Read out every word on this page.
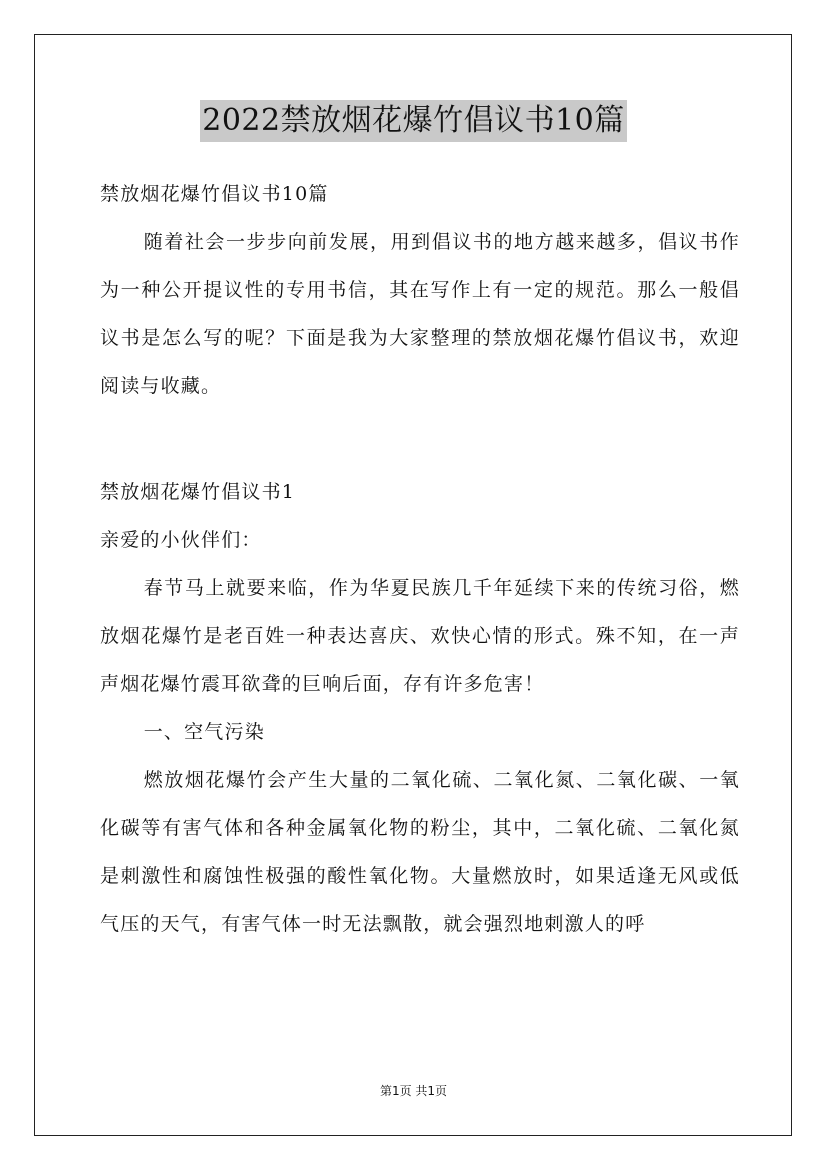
2022禁放烟花爆竹倡议书10篇

禁放烟花爆竹倡议书10篇

随着社会一步步向前发展，用到倡议书的地方越来越多，倡议书作为一种公开提议性的专用书信，其在写作上有一定的规范。那么一般倡议书是怎么写的呢？下面是我为大家整理的禁放烟花爆竹倡议书，欢迎阅读与收藏。

禁放烟花爆竹倡议书1

亲爱的小伙伴们：

春节马上就要来临，作为华夏民族几千年延续下来的传统习俗，燃放烟花爆竹是老百姓一种表达喜庆、欢快心情的形式。殊不知，在一声声烟花爆竹震耳欲聋的巨响后面，存有许多危害！

一、空气污染

燃放烟花爆竹会产生大量的二氧化硫、二氧化氮、二氧化碳、一氧化碳等有害气体和各种金属氧化物的粉尘，其中，二氧化硫、二氧化氮是刺激性和腐蚀性极强的酸性氧化物。大量燃放时，如果适逢无风或低气压的天气，有害气体一时无法飘散，就会强烈地刺激人的呼

第1页 共1页
